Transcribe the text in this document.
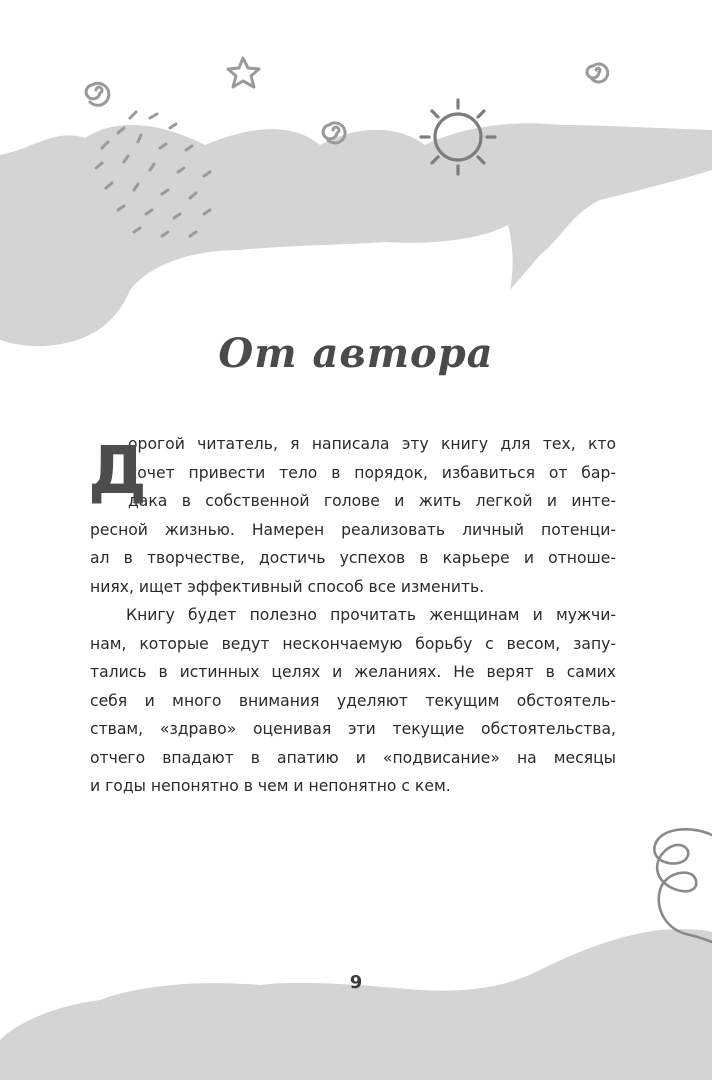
От автора
Д
орогой читатель, я написала эту книгу для тех, кто
хочет привести тело в порядок, избавиться от бар-
дака в собственной голове и жить легкой и инте-
ресной жизнью. Намерен реализовать личный потенци-
ал в творчестве, достичь успехов в карьере и отноше-
ниях, ищет эффективный способ все изменить.
Книгу будет полезно прочитать женщинам и мужчи-
нам, которые ведут нескончаемую борьбу с весом, запу-
тались в истинных целях и желаниях. Не верят в самих
себя и много внимания уделяют текущим обстоятель-
ствам, «здраво» оценивая эти текущие обстоятельства,
отчего впадают в апатию и «подвисание» на месяцы
и годы непонятно в чем и непонятно с кем.
9
